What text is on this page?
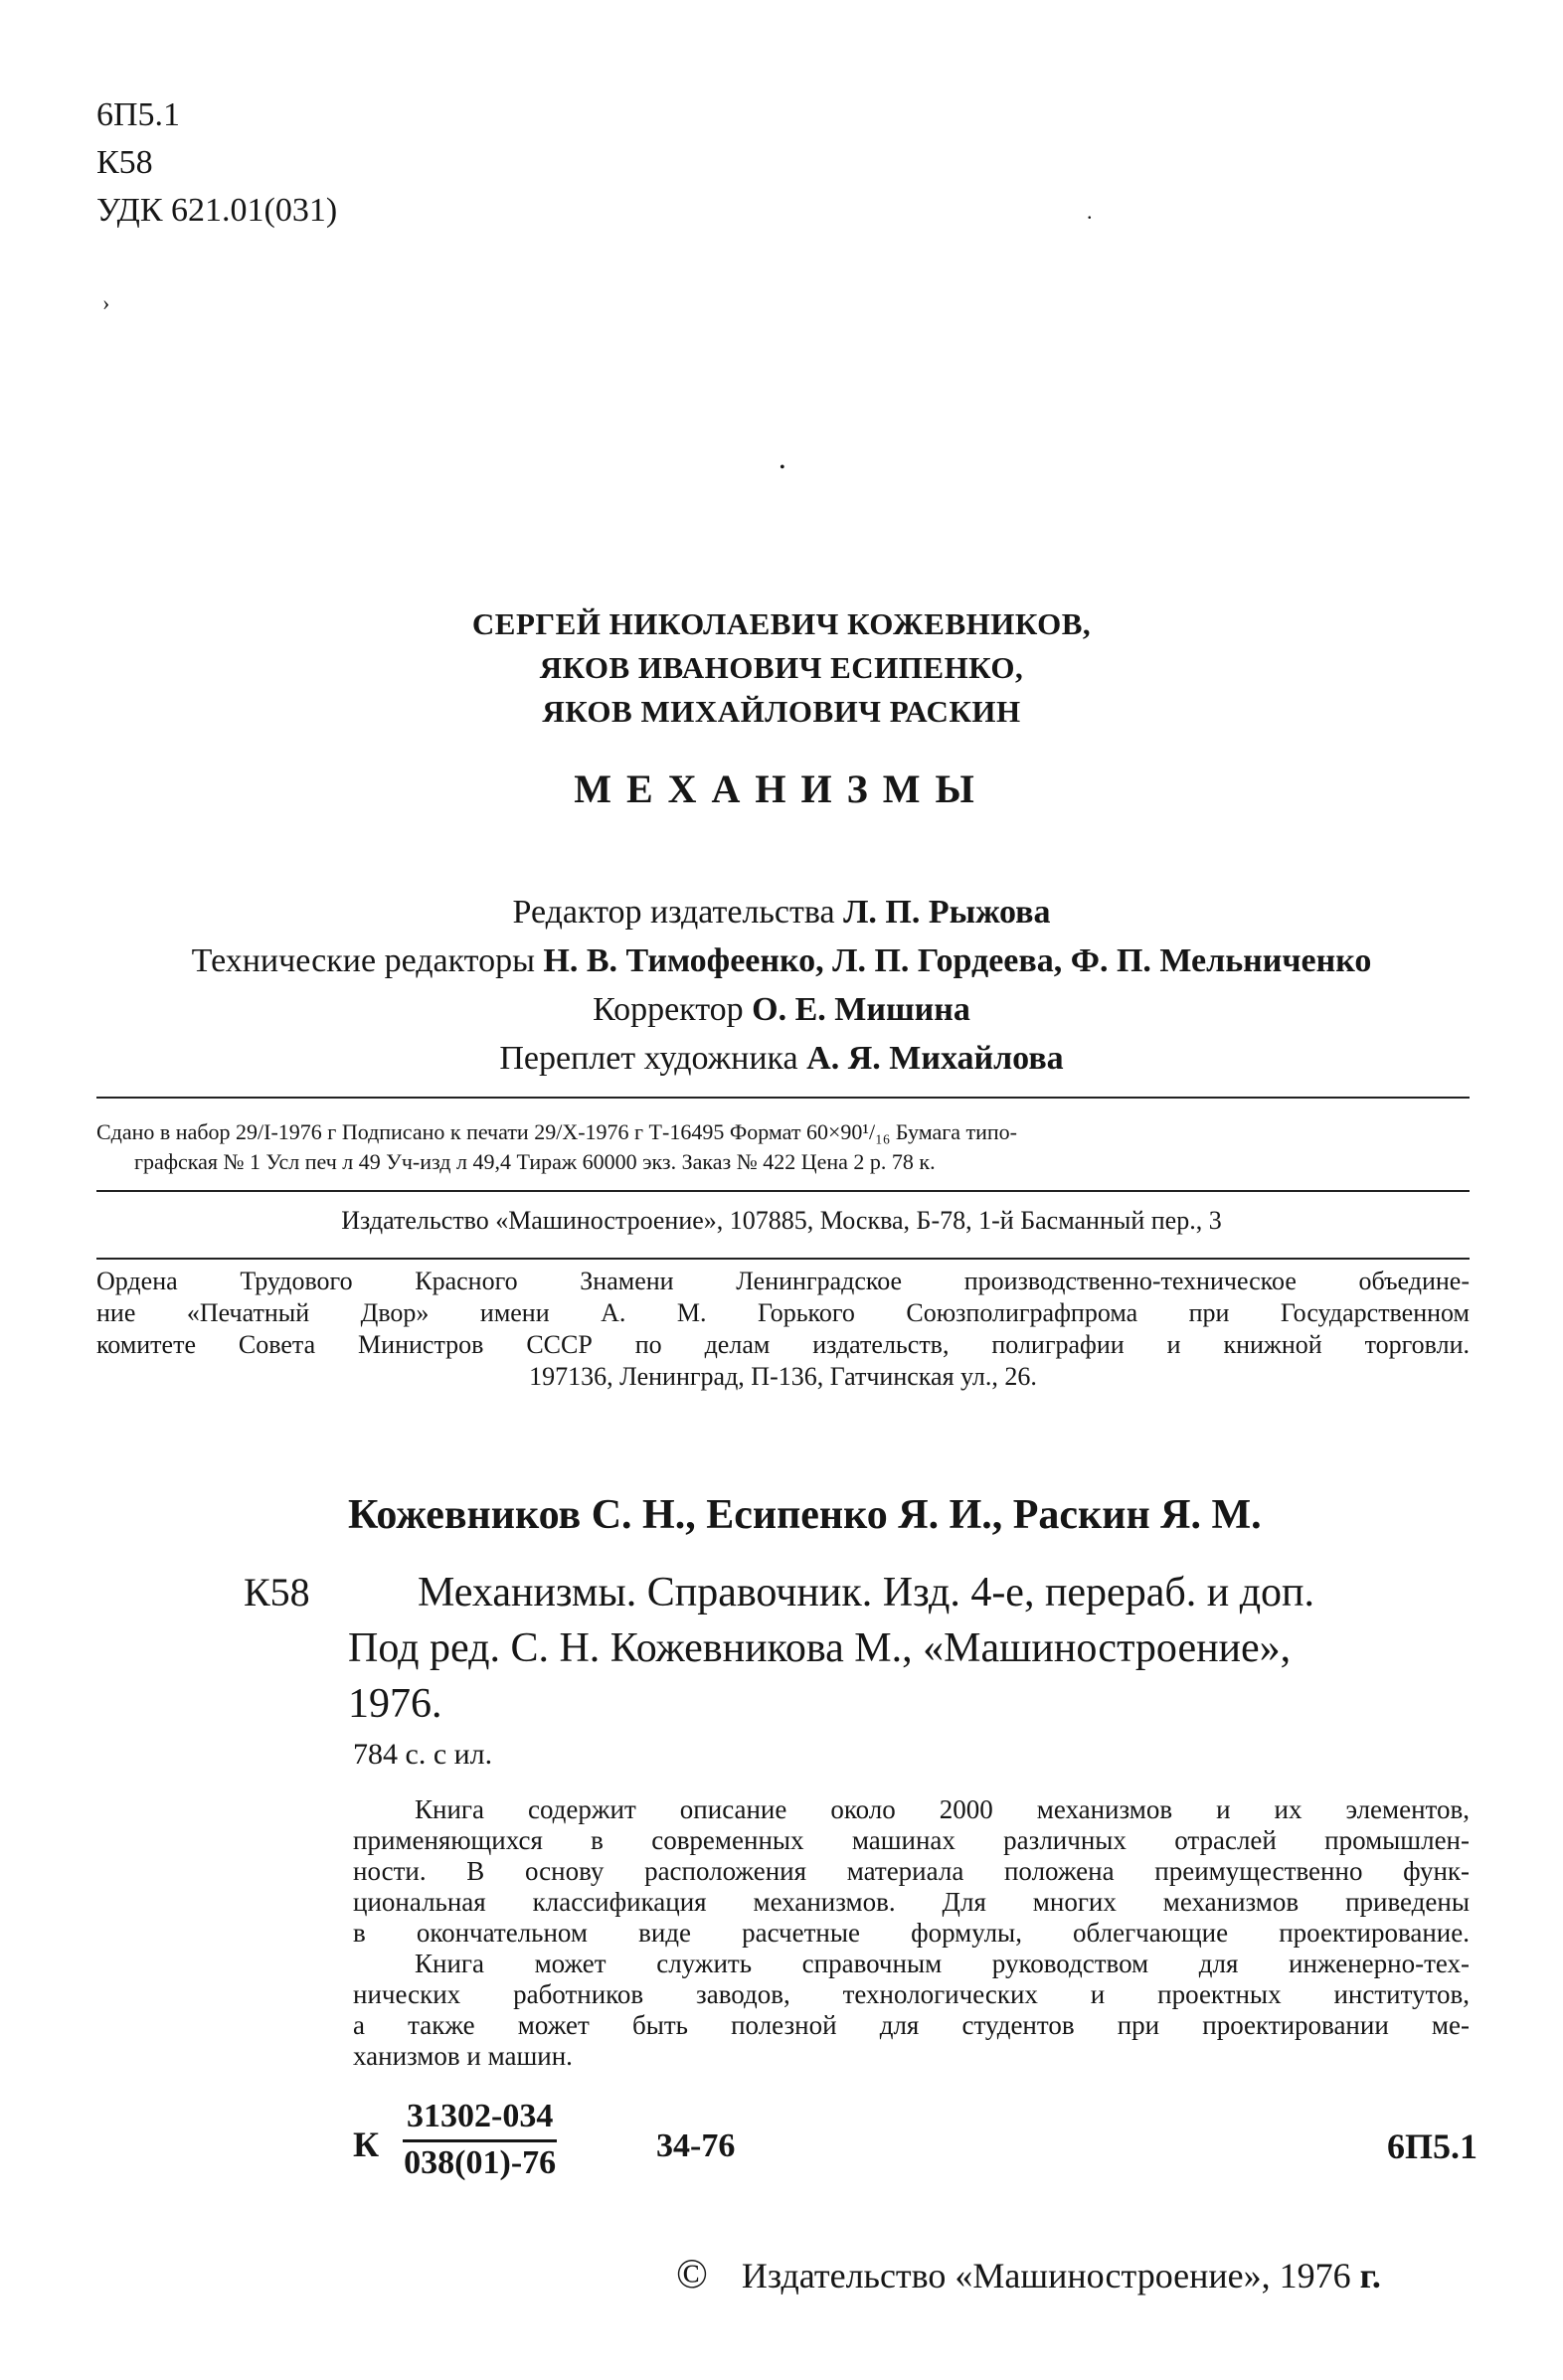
6П5.1
К58
УДК 621.01(031)
›
.
•
СЕРГЕЙ НИКОЛАЕВИЧ КОЖЕВНИКОВ,
ЯКОВ ИВАНОВИЧ ЕСИПЕНКО,
ЯКОВ МИХАЙЛОВИЧ РАСКИН
МЕХАНИЗМЫ
Редактор издательства Л. П. Рыжова
Технические редакторы Н. В. Тимофеенко, Л. П. Гордеева, Ф. П. Мельниченко
Корректор О. Е. Мишина
Переплет художника А. Я. Михайлова
Сдано в набор 29/I-1976 г Подписано к печати 29/X-1976 г Т-16495 Формат 60×90¹/₁₆ Бумага типо-
графская № 1 Усл печ л 49 Уч-изд л 49,4 Тираж 60000 экз. Заказ № 422 Цена 2 р. 78 к.
Издательство «Машиностроение», 107885, Москва, Б-78, 1-й Басманный пер., 3
Ордена Трудового Красного Знамени Ленинградское производственно-техническое объедине-
ние «Печатный Двор» имени А. М. Горького Союзполиграфпрома при Государственном
комитете Совета Министров СССР по делам издательств, полиграфии и книжной торговли.
197136, Ленинград, П-136, Гатчинская ул., 26.
Кожевников С. Н., Есипенко Я. И., Раскин Я. М.
К58	Механизмы. Справочник. Изд. 4-е, перераб. и доп.
Под ред. С. Н. Кожевникова М., «Машиностроение»,
1976.
784 с. с ил.
Книга содержит описание около 2000 механизмов и их элементов,
применяющихся в современных машинах различных отраслей промышлен-
ности. В основу расположения материала положена преимущественно функ-
циональная классификация механизмов. Для многих механизмов приведены
в окончательном виде расчетные формулы, облегчающие проектирование.
Книга может служить справочным руководством для инженерно-тех-
нических работников заводов, технологических и проектных институтов,
а также может быть полезной для студентов при проектировании ме-
ханизмов и машин.
К $\frac{31302-034}{038(01)-76}$	34-76	6П5.1
© Издательство «Машиностроение», 1976 г.
